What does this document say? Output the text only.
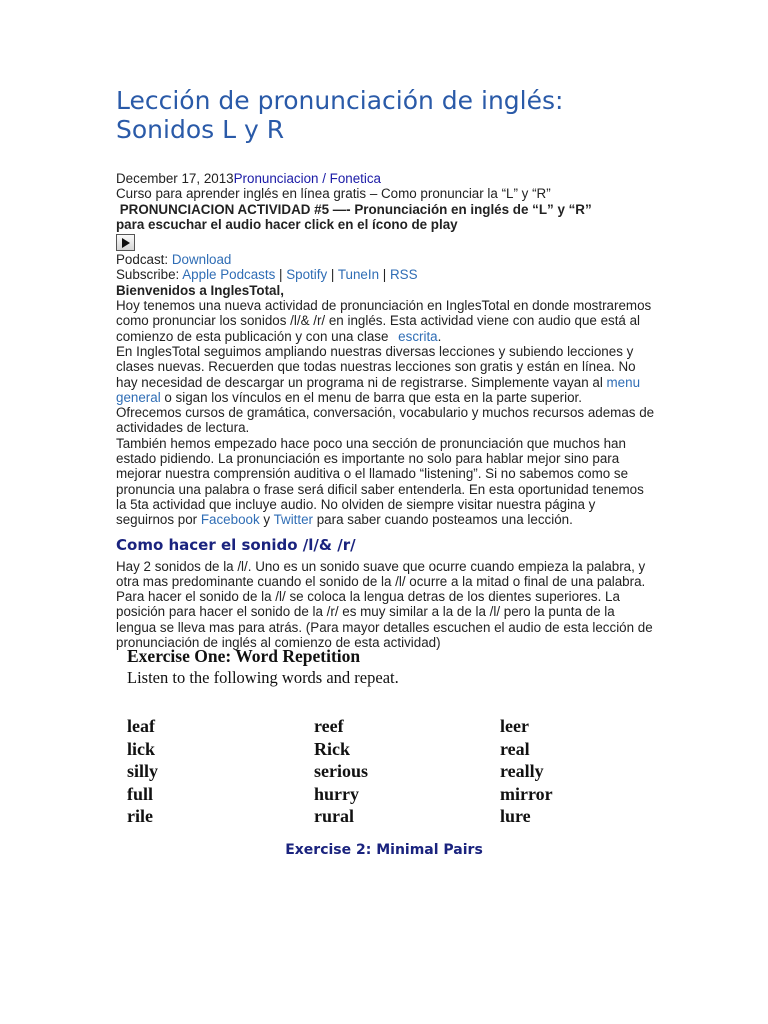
Lección de pronunciación de inglés: Sonidos L y R
December 17, 2013Pronunciacion / Fonetica
Curso para aprender inglés en línea gratis – Como pronunciar la “L” y “R”
PRONUNCIACION ACTIVIDAD #5 —- Pronunciación en inglés de “L” y “R”
para escuchar el audio hacer click en el ícono de play
Podcast: Download
Subscribe: Apple Podcasts | Spotify | TuneIn | RSS
Bienvenidos a InglesTotal,

Hoy tenemos una nueva actividad de pronunciación en InglesTotal en donde mostraremos como pronunciar los sonidos /l/& /r/ en inglés. Esta actividad viene con audio que está al comienzo de esta publicación y con una clase escrita.

En InglesTotal seguimos ampliando nuestras diversas lecciones y subiendo lecciones y clases nuevas. Recuerden que todas nuestras lecciones son gratis y están en línea. No hay necesidad de descargar un programa ni de registrarse. Simplemente vayan al menu general o sigan los vínculos en el menu de barra que esta en la parte superior.

Ofrecemos cursos de gramática, conversación, vocabulario y muchos recursos ademas de actividades de lectura.

También hemos empezado hace poco una sección de pronunciación que muchos han estado pidiendo. La pronunciación es importante no solo para hablar mejor sino para mejorar nuestra comprensión auditiva o el llamado “listening”. Si no sabemos como se pronuncia una palabra o frase será dificil saber entenderla. En esta oportunidad tenemos la 5ta actividad que incluye audio. No olviden de siempre visitar nuestra página y seguirnos por Facebook y Twitter para saber cuando posteamos una lección.

Como hacer el sonido /l/& /r/

Hay 2 sonidos de la /l/. Uno es un sonido suave que ocurre cuando empieza la palabra, y otra mas predominante cuando el sonido de la /l/ ocurre a la mitad o final de una palabra. Para hacer el sonido de la /l/ se coloca la lengua detras de los dientes superiores. La posición para hacer el sonido de la /r/ es muy similar a la de la /l/ pero la punta de la lengua se lleva mas para atrás. (Para mayor detalles escuchen el audio de esta lección de pronunciación de inglés al comienzo de esta actividad)

Exercise One: Word Repetition
Listen to the following words and repeat.
leaf
lick
silly
full
rile
reef
Rick
serious
hurry
rural
leer
real
really
mirror
lure
Exercise 2: Minimal Pairs
